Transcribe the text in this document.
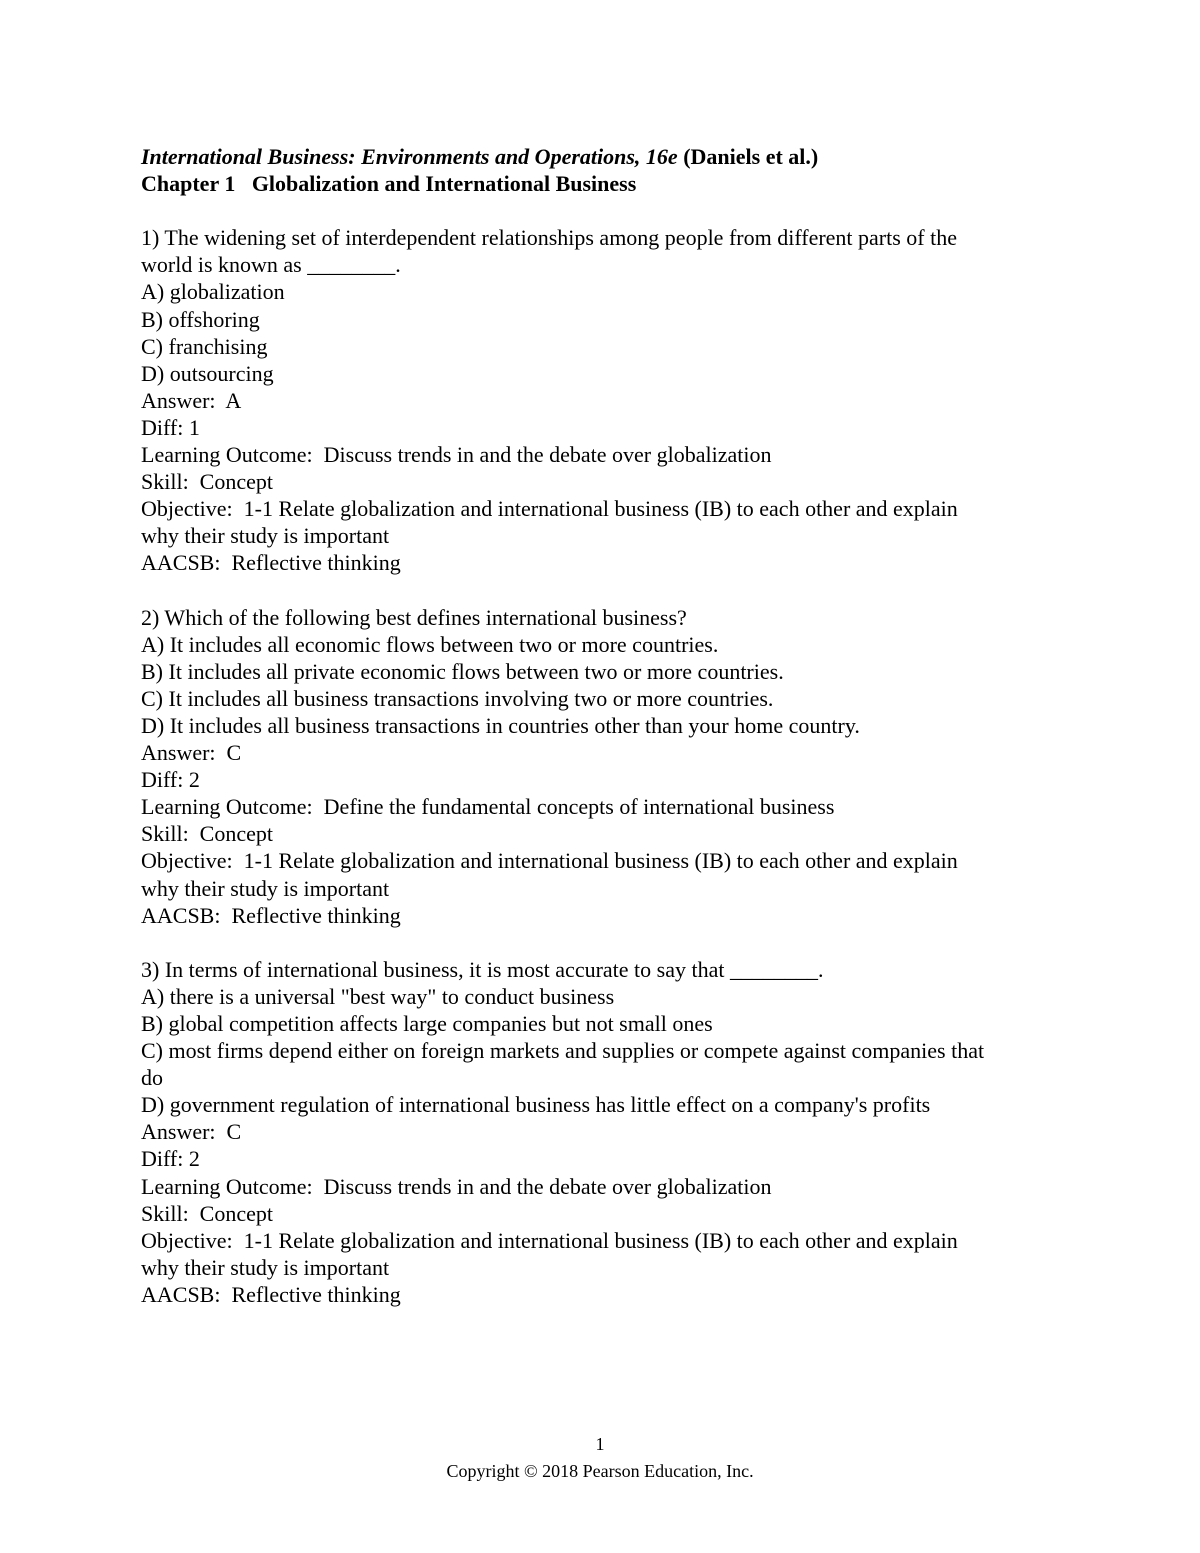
International Business: Environments and Operations, 16e (Daniels et al.)
Chapter 1   Globalization and International Business
1) The widening set of interdependent relationships among people from different parts of the
world is known as ________.
A) globalization
B) offshoring
C) franchising
D) outsourcing
Answer:  A
Diff: 1
Learning Outcome:  Discuss trends in and the debate over globalization
Skill:  Concept
Objective:  1-1 Relate globalization and international business (IB) to each other and explain
why their study is important
AACSB:  Reflective thinking
2) Which of the following best defines international business?
A) It includes all economic flows between two or more countries.
B) It includes all private economic flows between two or more countries.
C) It includes all business transactions involving two or more countries.
D) It includes all business transactions in countries other than your home country.
Answer:  C
Diff: 2
Learning Outcome:  Define the fundamental concepts of international business
Skill:  Concept
Objective:  1-1 Relate globalization and international business (IB) to each other and explain
why their study is important
AACSB:  Reflective thinking
3) In terms of international business, it is most accurate to say that ________.
A) there is a universal "best way" to conduct business
B) global competition affects large companies but not small ones
C) most firms depend either on foreign markets and supplies or compete against companies that
do
D) government regulation of international business has little effect on a company's profits
Answer:  C
Diff: 2
Learning Outcome:  Discuss trends in and the debate over globalization
Skill:  Concept
Objective:  1-1 Relate globalization and international business (IB) to each other and explain
why their study is important
AACSB:  Reflective thinking
1
Copyright © 2018 Pearson Education, Inc.
